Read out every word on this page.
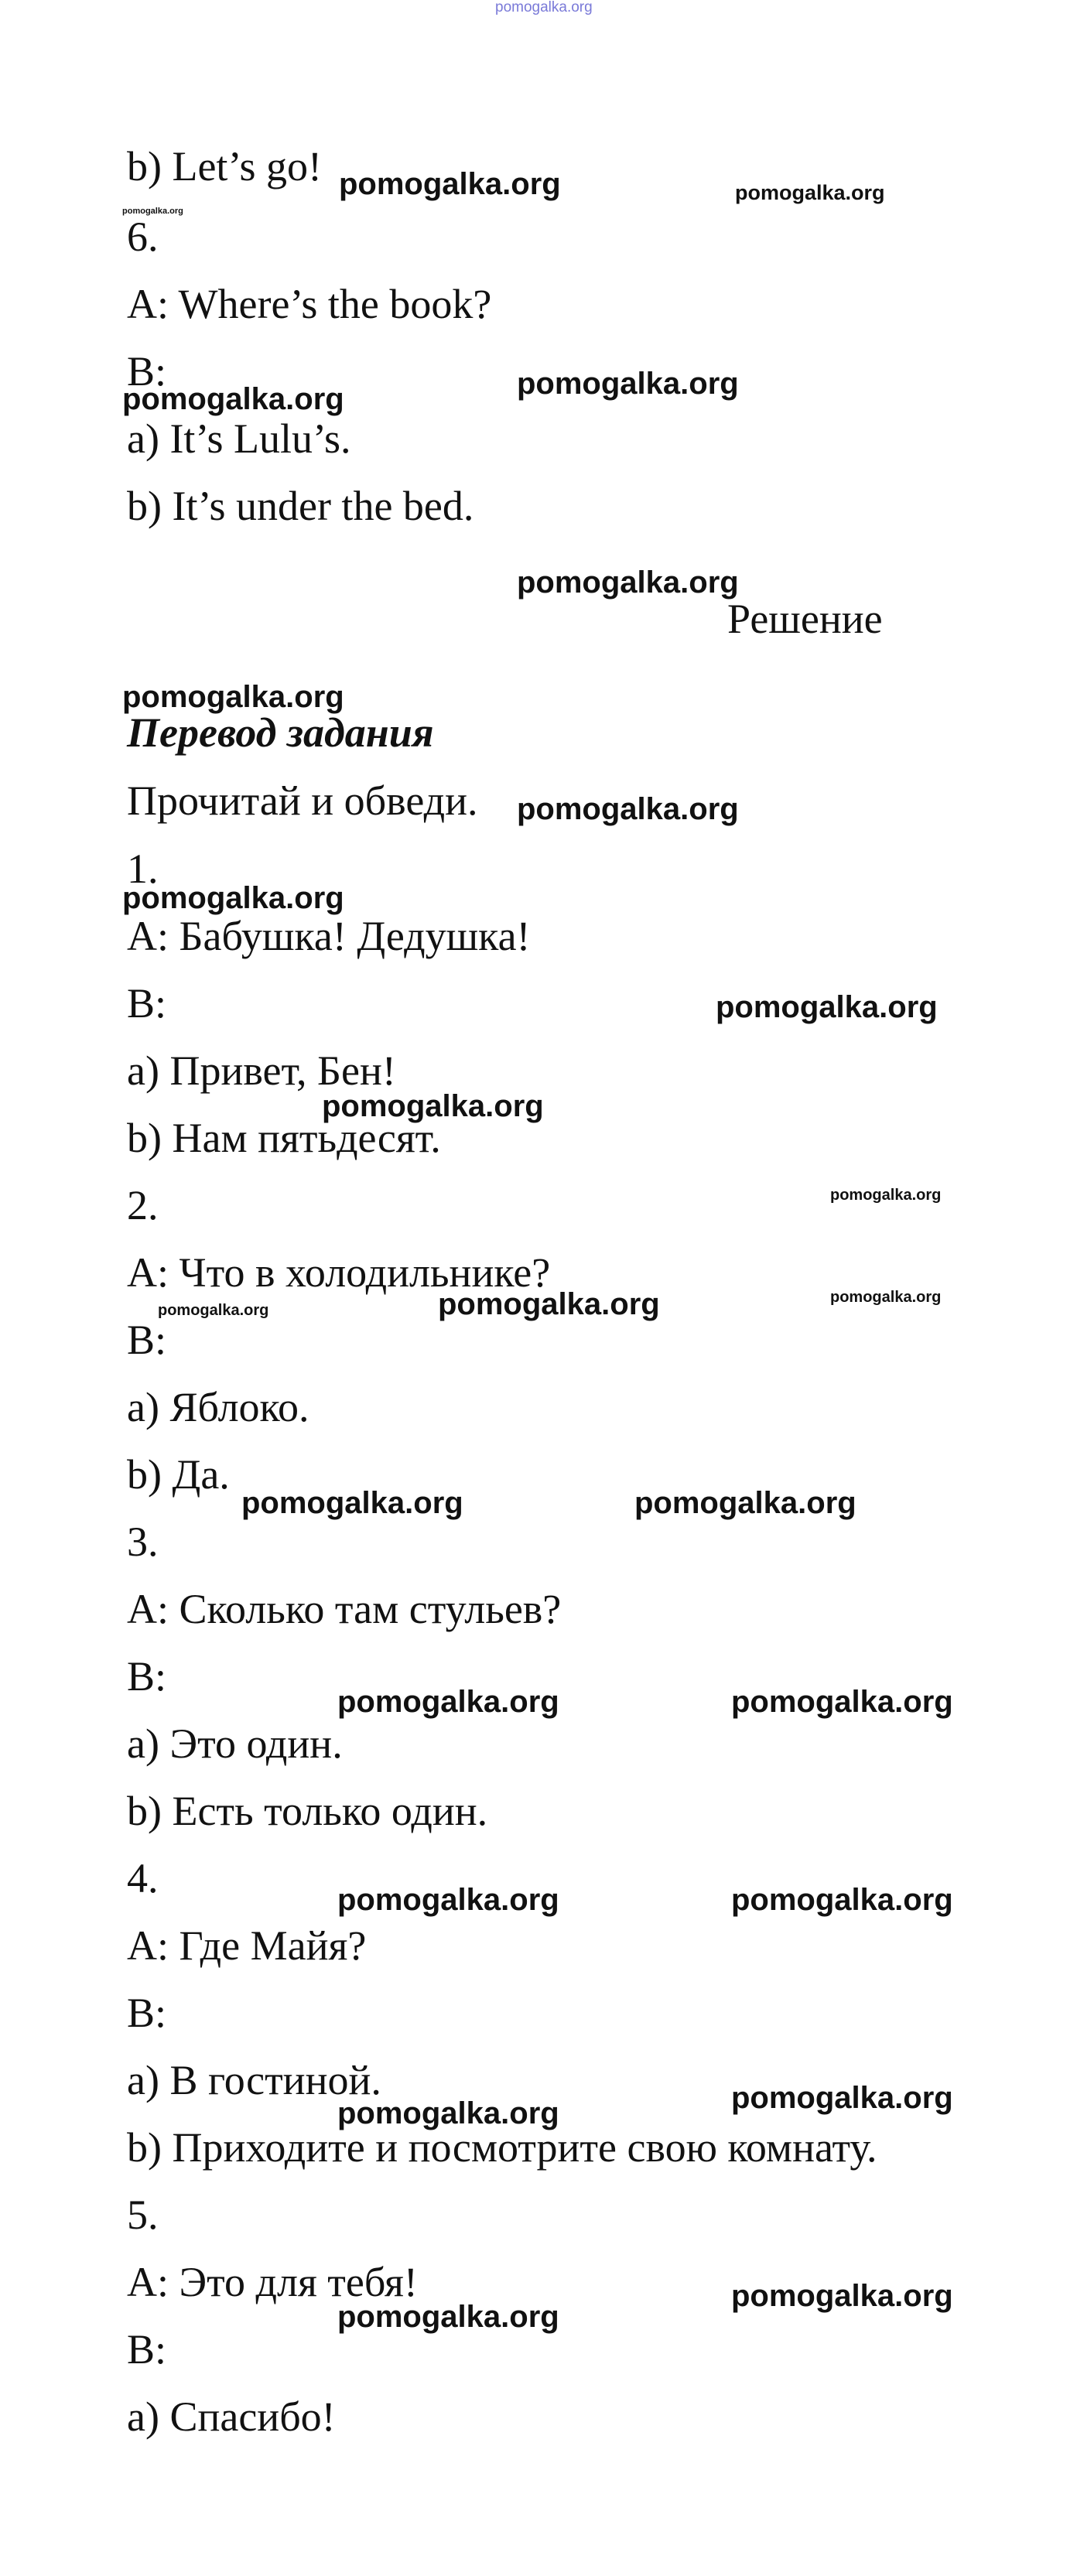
pomogalka.org

b) Let’s go!

6.

A: Where’s the book?

B:

a) It’s Lulu’s.

b) It’s under the bed.

Решение

Перевод задания

Прочитай и обведи.

1.

A: Бабушка! Дедушка!

B:

a) Привет, Бен!

b) Нам пятьдесят.

2.

A: Что в холодильнике?

B:

a) Яблоко.

b) Да.

3.

A: Сколько там стульев?

B:

a) Это один.

b) Есть только один.

4.

A: Где Майя?

B:

a) В гостиной.

b) Приходите и посмотрите свою комнату.

5.

A: Это для тебя!

B:

a) Спасибо!

pomogalka.org	pomogalka.org
pomogalka.org
pomogalka.org	pomogalka.org
pomogalka.org
pomogalka.org
pomogalka.org
pomogalka.org
pomogalka.org
pomogalka.org
pomogalka.org
pomogalka.org	pomogalka.org
pomogalka.org
pomogalka.org	pomogalka.org
pomogalka.org	pomogalka.org
pomogalka.org	pomogalka.org
pomogalka.org	pomogalka.org
pomogalka.org
pomogalka.org
